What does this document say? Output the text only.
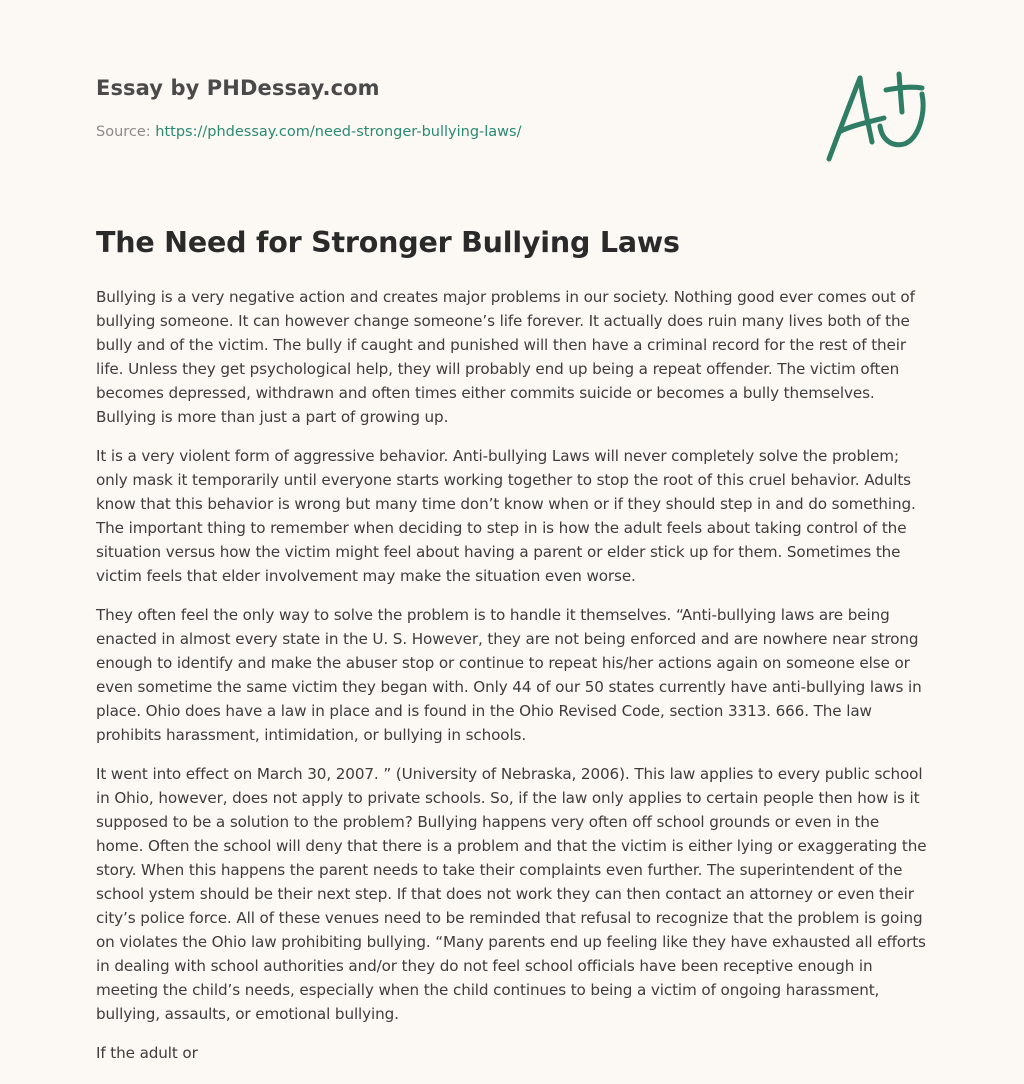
Essay by PHDessay.com

Source: https://phdessay.com/need-stronger-bullying-laws/

The Need for Stronger Bullying Laws

Bullying is a very negative action and creates major problems in our society. Nothing good ever comes out of bullying someone. It can however change someone’s life forever. It actually does ruin many lives both of the bully and of the victim. The bully if caught and punished will then have a criminal record for the rest of their life. Unless they get psychological help, they will probably end up being a repeat offender. The victim often becomes depressed, withdrawn and often times either commits suicide or becomes a bully themselves. Bullying is more than just a part of growing up.

It is a very violent form of aggressive behavior. Anti-bullying Laws will never completely solve the problem; only mask it temporarily until everyone starts working together to stop the root of this cruel behavior. Adults know that this behavior is wrong but many time don’t know when or if they should step in and do something. The important thing to remember when deciding to step in is how the adult feels about taking control of the situation versus how the victim might feel about having a parent or elder stick up for them. Sometimes the victim feels that elder involvement may make the situation even worse.

They often feel the only way to solve the problem is to handle it themselves. “Anti-bullying laws are being enacted in almost every state in the U. S. However, they are not being enforced and are nowhere near strong enough to identify and make the abuser stop or continue to repeat his/her actions again on someone else or even sometime the same victim they began with. Only 44 of our 50 states currently have anti-bullying laws in place. Ohio does have a law in place and is found in the Ohio Revised Code, section 3313. 666. The law prohibits harassment, intimidation, or bullying in schools.

It went into effect on March 30, 2007. ” (University of Nebraska, 2006). This law applies to every public school in Ohio, however, does not apply to private schools. So, if the law only applies to certain people then how is it supposed to be a solution to the problem? Bullying happens very often off school grounds or even in the home. Often the school will deny that there is a problem and that the victim is either lying or exaggerating the story. When this happens the parent needs to take their complaints even further. The superintendent of the school ystem should be their next step. If that does not work they can then contact an attorney or even their city’s police force. All of these venues need to be reminded that refusal to recognize that the problem is going on violates the Ohio law prohibiting bullying. “Many parents end up feeling like they have exhausted all efforts in dealing with school authorities and/or they do not feel school officials have been receptive enough in meeting the child’s needs, especially when the child continues to being a victim of ongoing harassment, bullying, assaults, or emotional bullying.

If the adult or
